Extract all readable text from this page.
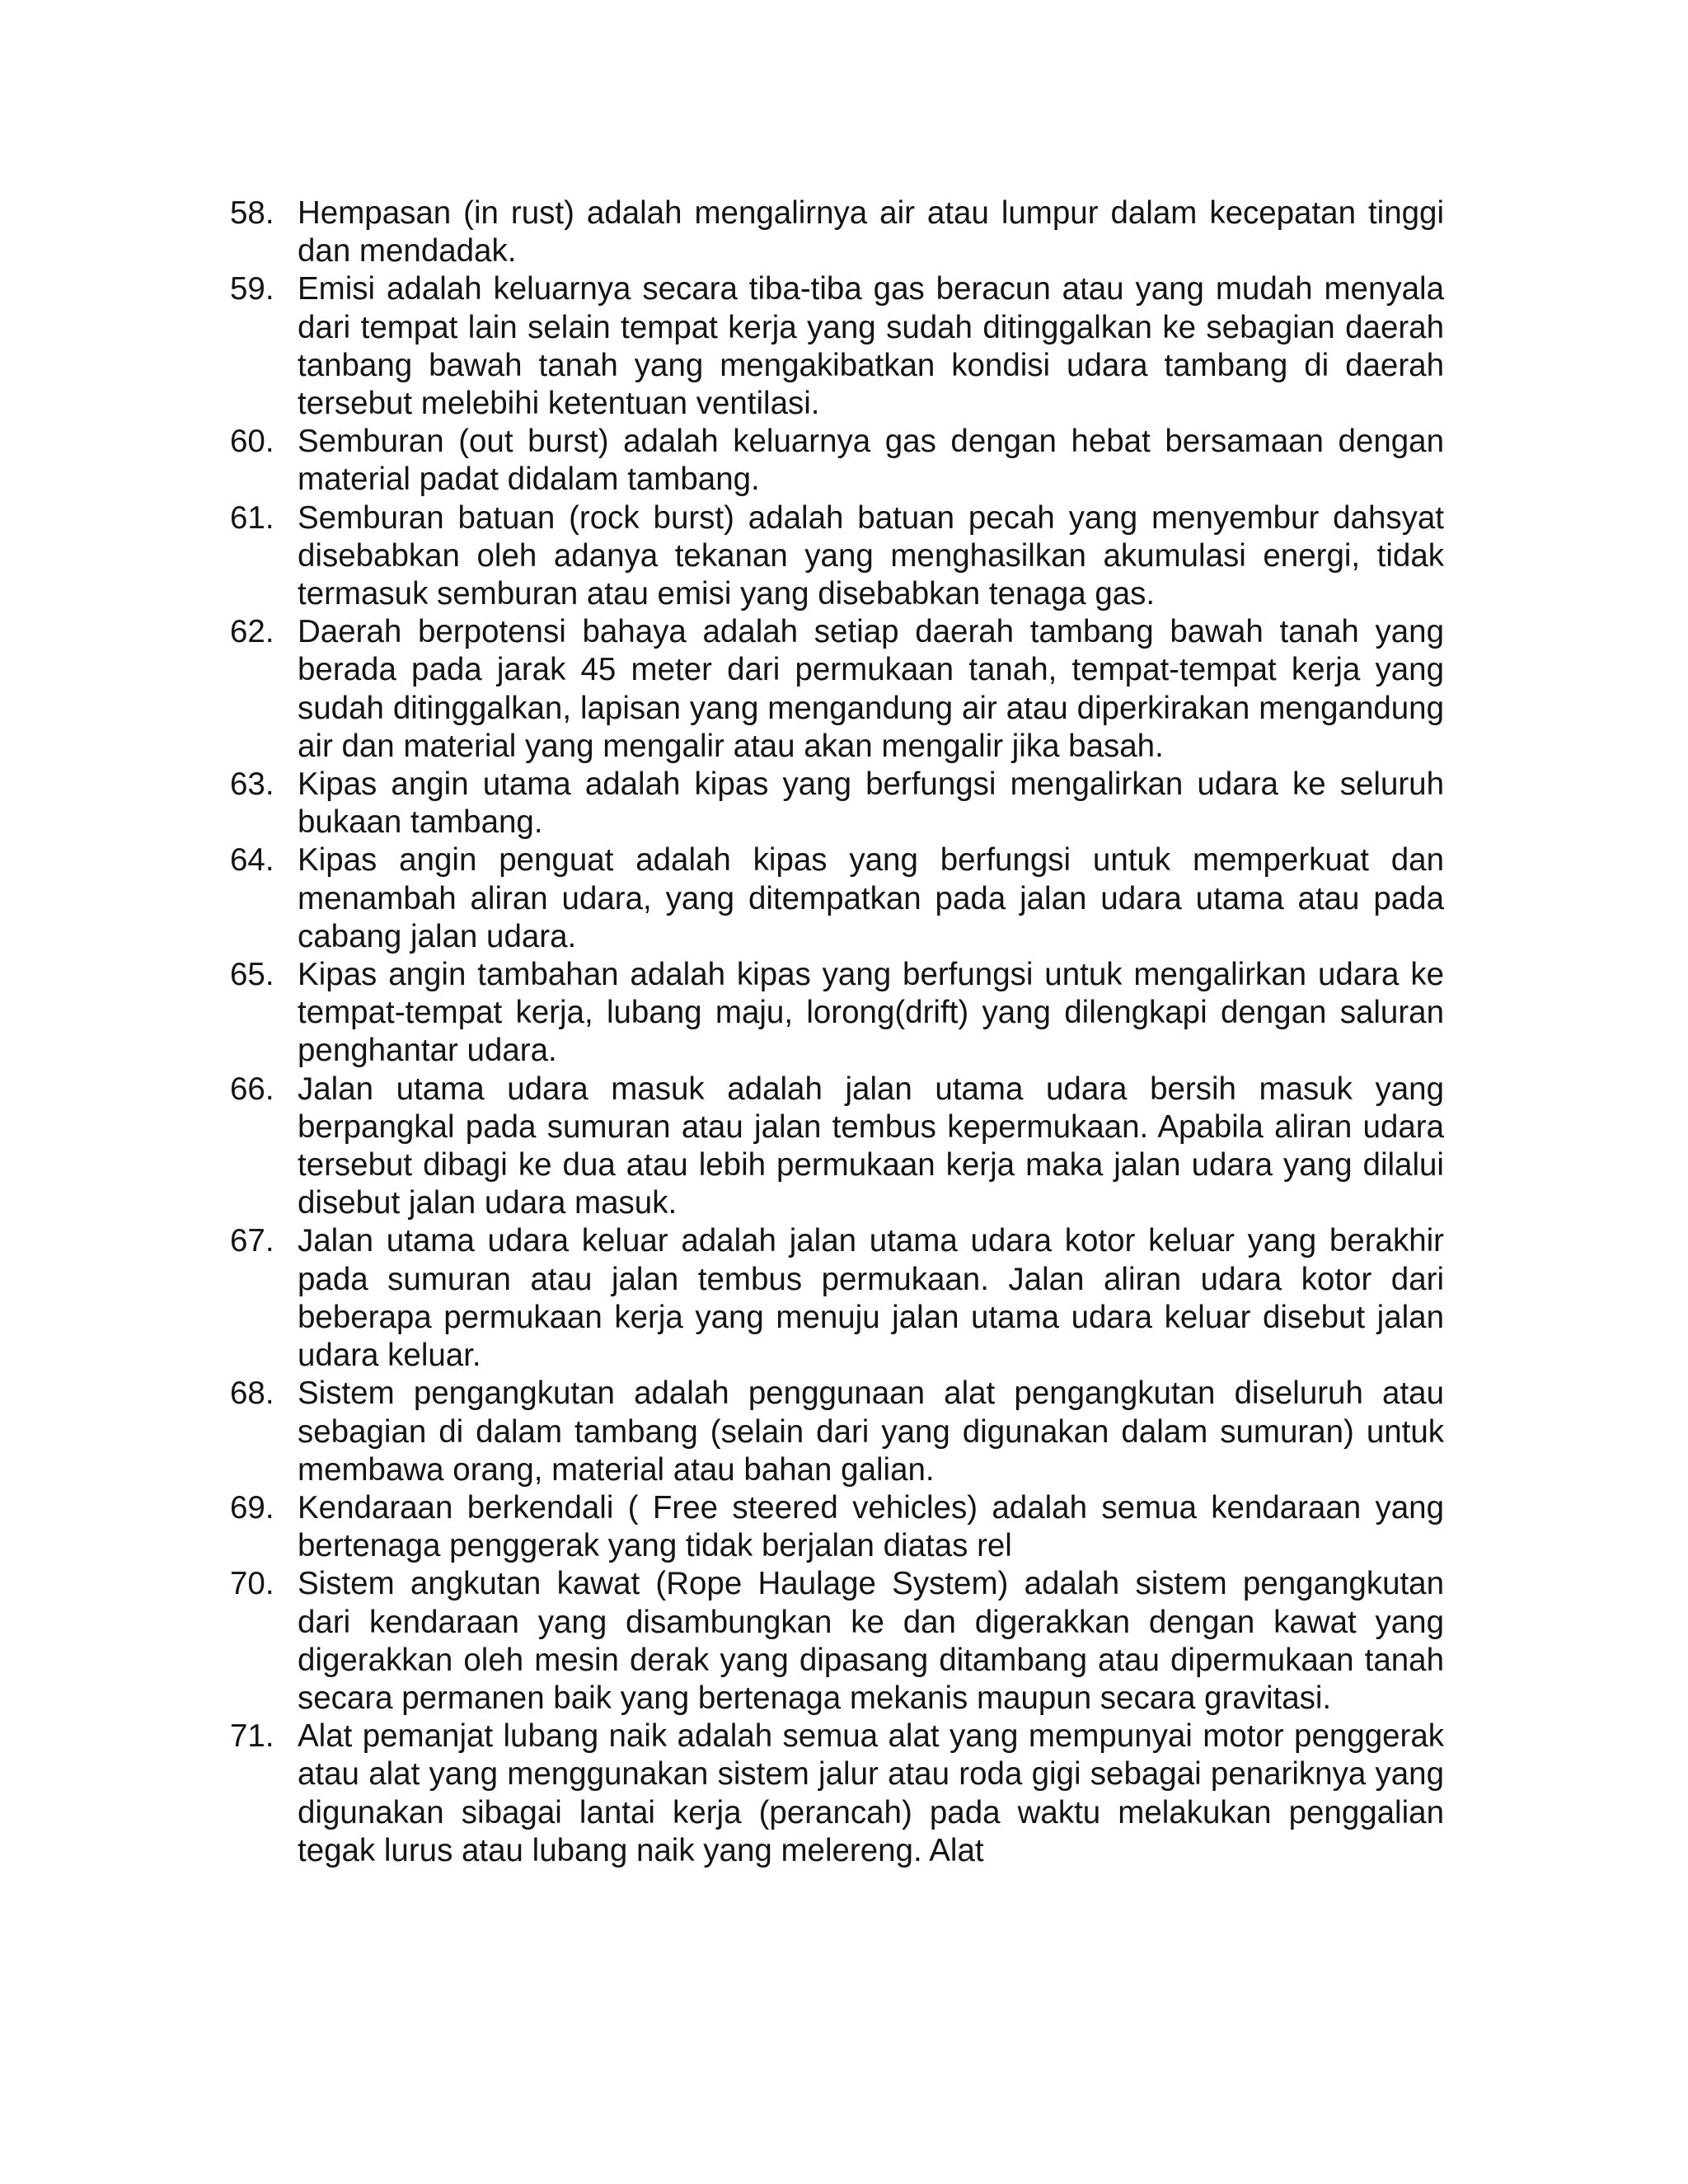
58. Hempasan (in rust) adalah mengalirnya air atau lumpur dalam kecepatan tinggi dan mendadak.
59. Emisi adalah keluarnya secara tiba-tiba gas beracun atau yang mudah menyala dari tempat lain selain tempat kerja yang sudah ditinggalkan ke sebagian daerah tanbang bawah tanah yang mengakibatkan kondisi udara tambang di daerah tersebut melebihi ketentuan ventilasi.
60. Semburan (out burst) adalah keluarnya gas dengan hebat bersamaan dengan material padat didalam tambang.
61. Semburan batuan (rock burst) adalah batuan pecah yang menyembur dahsyat disebabkan oleh adanya tekanan yang menghasilkan akumulasi energi, tidak termasuk semburan atau emisi yang disebabkan tenaga gas.
62. Daerah berpotensi bahaya adalah setiap daerah tambang bawah tanah yang berada pada jarak 45 meter dari permukaan tanah, tempat-tempat kerja yang sudah ditinggalkan, lapisan yang mengandung air atau diperkirakan mengandung air dan material yang mengalir atau akan mengalir jika basah.
63. Kipas angin utama adalah kipas yang berfungsi mengalirkan udara ke seluruh bukaan tambang.
64. Kipas angin penguat adalah kipas yang berfungsi untuk memperkuat dan menambah aliran udara, yang ditempatkan pada jalan udara utama atau pada cabang jalan udara.
65. Kipas angin tambahan adalah kipas yang berfungsi untuk mengalirkan udara ke tempat-tempat kerja, lubang maju, lorong(drift) yang dilengkapi dengan saluran penghantar udara.
66. Jalan utama udara masuk adalah jalan utama udara bersih masuk yang berpangkal pada sumuran atau jalan tembus kepermukaan. Apabila aliran udara tersebut dibagi ke dua atau lebih permukaan kerja maka jalan udara yang dilalui disebut jalan udara masuk.
67. Jalan utama udara keluar adalah jalan utama udara kotor keluar yang berakhir pada sumuran atau jalan tembus permukaan. Jalan aliran udara kotor dari beberapa permukaan kerja yang menuju jalan utama udara keluar disebut jalan udara keluar.
68. Sistem pengangkutan adalah penggunaan alat pengangkutan diseluruh atau sebagian di dalam tambang (selain dari yang digunakan dalam sumuran) untuk membawa orang, material atau bahan galian.
69. Kendaraan berkendali ( Free steered vehicles) adalah semua kendaraan yang bertenaga penggerak yang tidak berjalan diatas rel
70. Sistem angkutan kawat (Rope Haulage System) adalah sistem pengangkutan dari kendaraan yang disambungkan ke dan digerakkan dengan kawat yang digerakkan oleh mesin derak yang dipasang ditambang atau dipermukaan tanah secara permanen baik yang bertenaga mekanis maupun secara gravitasi.
71. Alat pemanjat lubang naik adalah semua alat yang mempunyai motor penggerak atau alat yang menggunakan sistem jalur atau roda gigi sebagai penariknya yang digunakan sibagai lantai kerja (perancah) pada waktu melakukan penggalian tegak lurus atau lubang naik yang melereng. Alat
